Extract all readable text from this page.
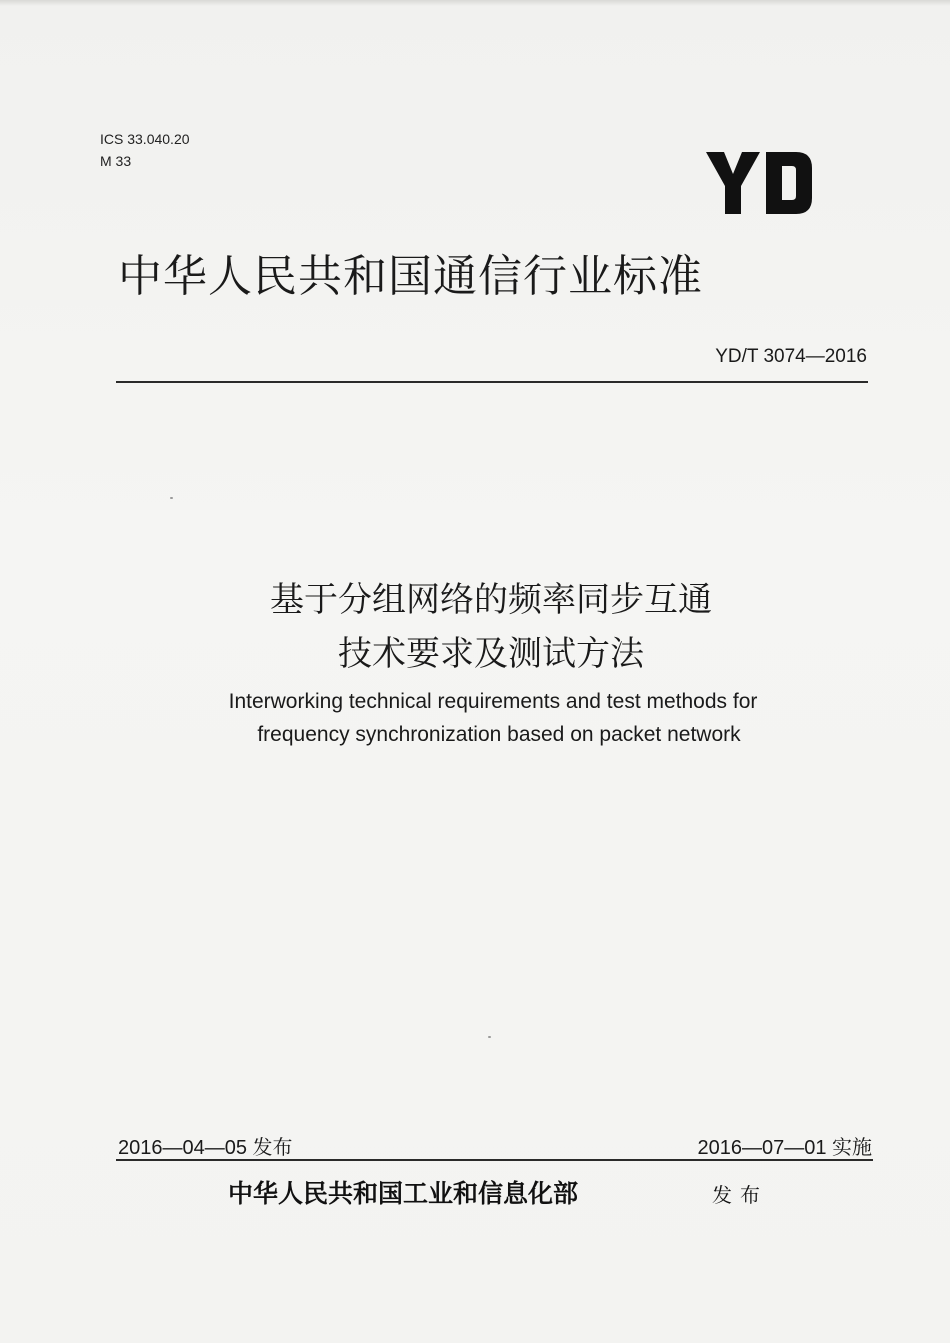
ICS 33.040.20
M 33
中华人民共和国通信行业标准
YD/T 3074—2016
基于分组网络的频率同步互通
技术要求及测试方法
Interworking technical requirements and test methods for
frequency synchronization based on packet network
2016—04—05 发布	2016—07—01 实施
中华人民共和国工业和信息化部	发布
